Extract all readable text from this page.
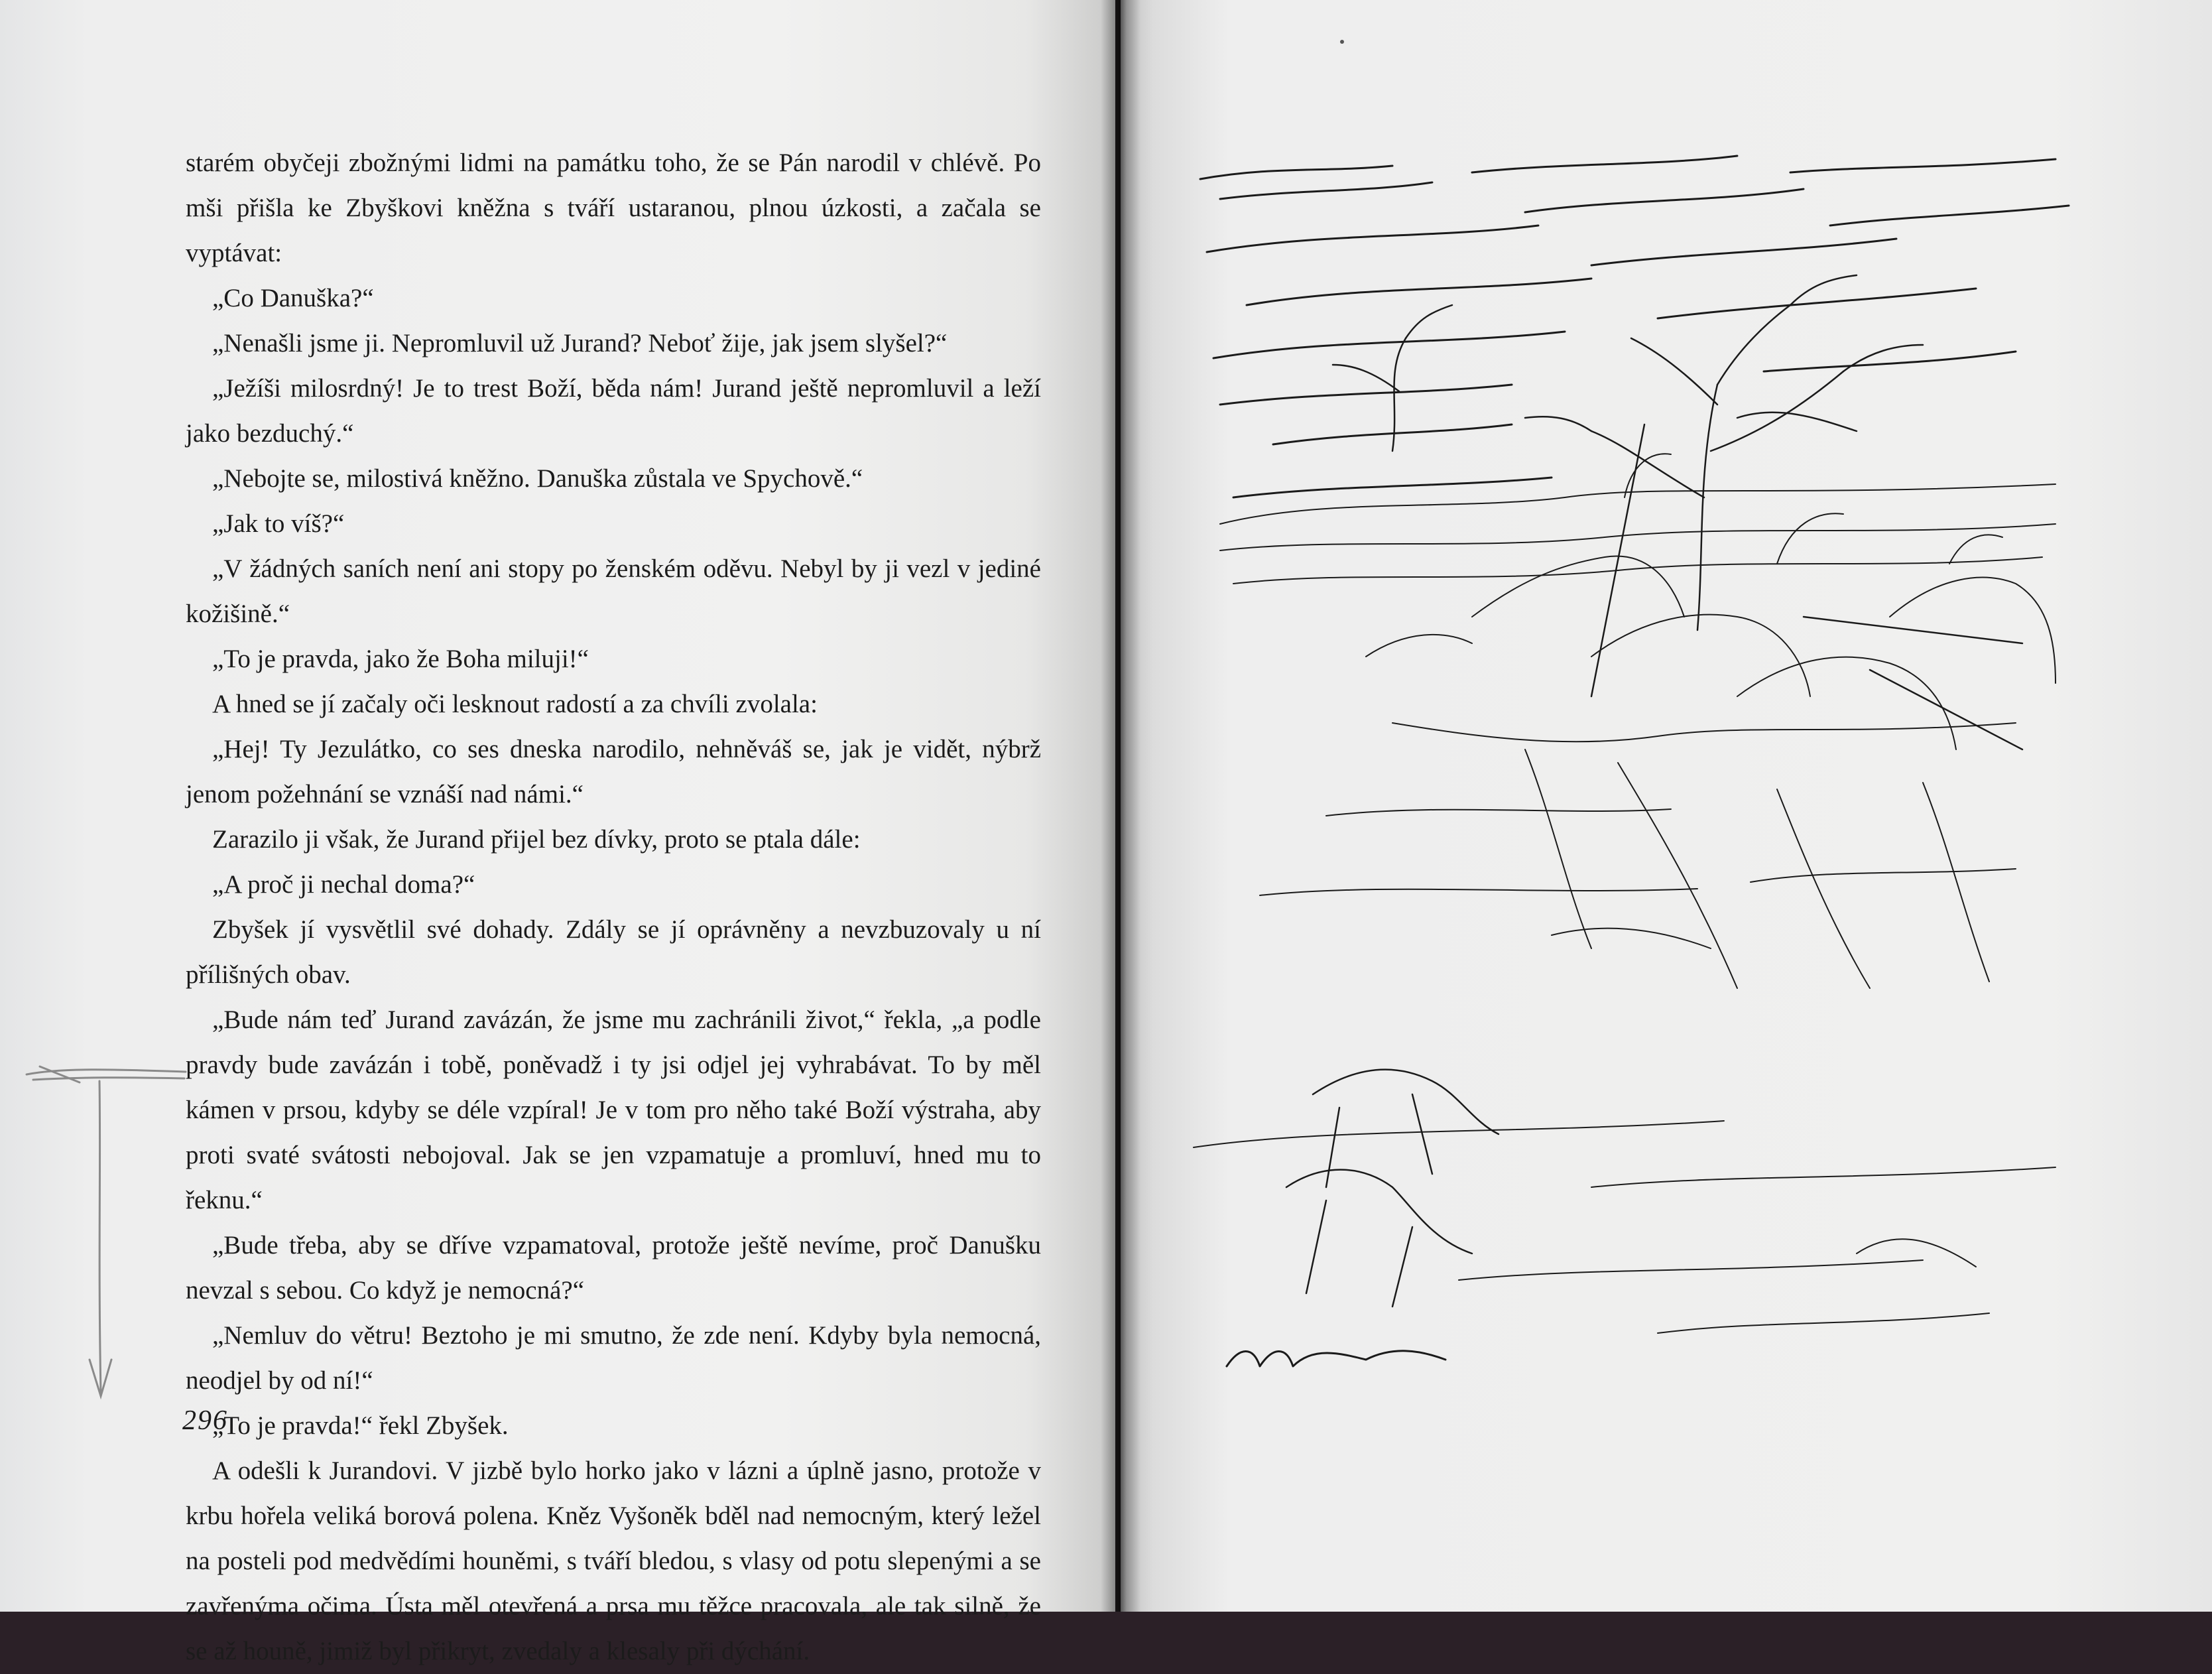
starém obyčeji zbožnými lidmi na památku toho, že se Pán narodil v chlévě. Po mši přišla ke Zbyškovi kněžna s tváří ustaranou, plnou úzkosti, a začala se vyptávat:

„Co Danuška?“

„Nenašli jsme ji. Nepromluvil už Jurand? Neboť žije, jak jsem slyšel?“

„Ježíši milosrdný! Je to trest Boží, běda nám! Jurand ještě nepromluvil a leží jako bezduchý.“

„Nebojte se, milostivá kněžno. Danuška zůstala ve Spychově.“

„Jak to víš?“

„V žádných saních není ani stopy po ženském oděvu. Nebyl by ji vezl v jediné kožišině.“

„To je pravda, jako že Boha miluji!“

A hned se jí začaly oči lesknout radostí a za chvíli zvolala:

„Hej! Ty Jezulátko, co ses dneska narodilo, nehněváš se, jak je vidět, nýbrž jenom požehnání se vznáší nad námi.“

Zarazilo ji však, že Jurand přijel bez dívky, proto se ptala dále:

„A proč ji nechal doma?“

Zbyšek jí vysvětlil své dohady. Zdály se jí oprávněny a nevzbuzovaly u ní přílišných obav.

„Bude nám teď Jurand zavázán, že jsme mu zachránili život,“ řekla, „a podle pravdy bude zavázán i tobě, poněvadž i ty jsi odjel jej vyhrabávat. To by měl kámen v prsou, kdyby se déle vzpíral! Je v tom pro něho také Boží výstraha, aby proti svaté svátosti nebojoval. Jak se jen vzpamatuje a promluví, hned mu to řeknu.“

„Bude třeba, aby se dříve vzpamatoval, protože ještě nevíme, proč Danušku nevzal s sebou. Co když je nemocná?“

„Nemluv do větru! Beztoho je mi smutno, že zde není. Kdyby byla nemocná, neodjel by od ní!“

„To je pravda!“ řekl Zbyšek.

A odešli k Jurandovi. V jizbě bylo horko jako v lázni a úplně jasno, protože v krbu hořela veliká borová polena. Kněz Vyšoněk bděl nad nemocným, který ležel na posteli pod medvědími houněmi, s tváří bledou, s vlasy od potu slepenými a se zavřenýma očima. Ústa měl otevřená a prsa mu těžce pracovala, ale tak silně, že se až houně, jimiž byl přikryt, zvedaly a klesaly při dýchání.

296
